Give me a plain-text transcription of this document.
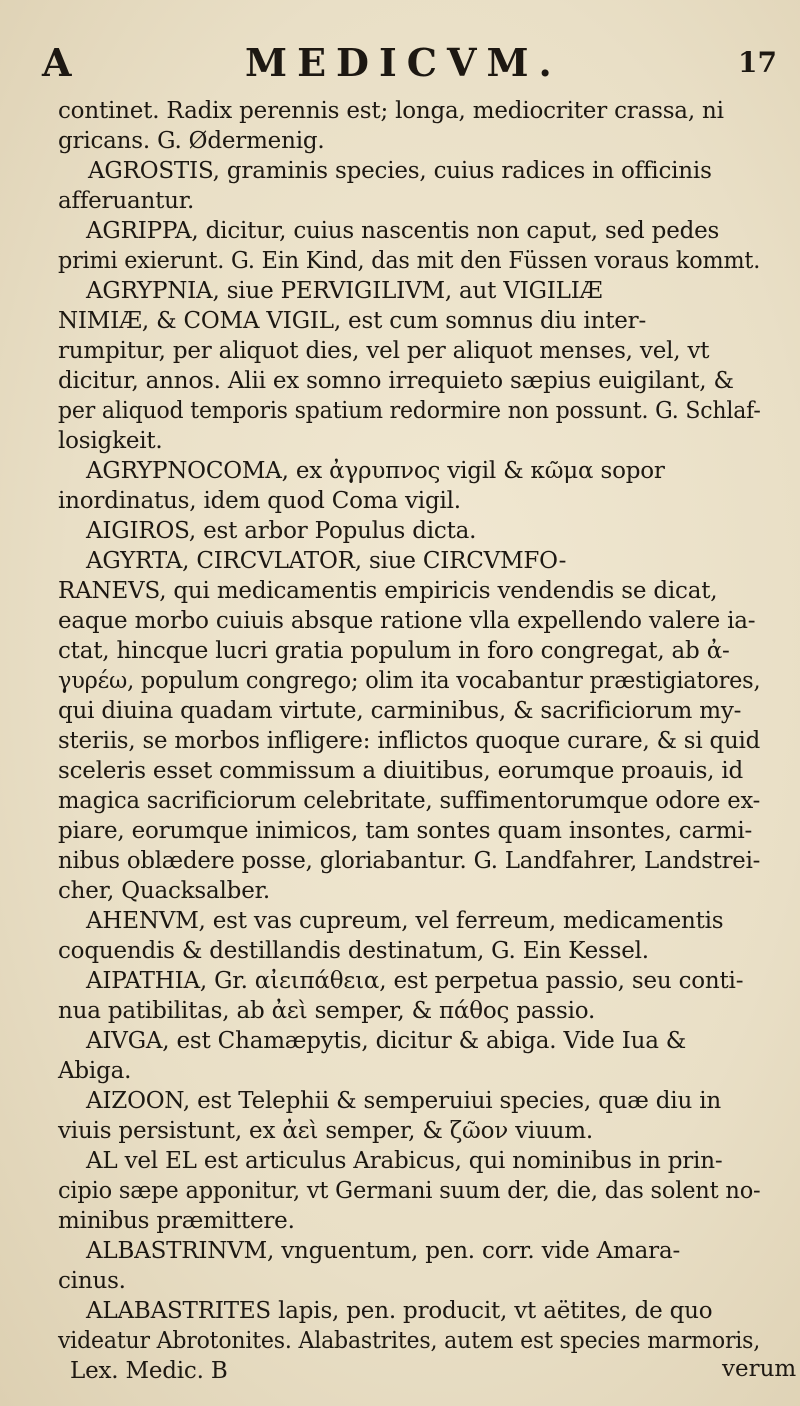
A	MEDICVM.	17
continet. Radix perennis est; longa, mediocriter crassa, ni
gricans. G. Ødermenig.
AGROSTIS, graminis species, cuius radices in officinis
afferuantur.
AGRIPPA, dicitur, cuius nascentis non caput, sed pedes
primi exierunt. G. Ein Kind, das mit den Füssen voraus kommt.
AGRYPNIA, siue PERVIGILIVM, aut VIGILIÆ
NIMIÆ, & COMA VIGIL, est cum somnus diu inter-
rumpitur, per aliquot dies, vel per aliquot menses, vel, vt
dicitur, annos. Alii ex somno irrequieto sæpius euigilant, &
per aliquod temporis spatium redormire non possunt. G. Schlaf-
losigkeit.
AGRYPNOCOMA, ex ἀγρυπνος vigil & κῶμα sopor
inordinatus, idem quod Coma vigil.
AIGIROS, est arbor Populus dicta.
AGYRTA, CIRCVLATOR, siue CIRCVMFO-
RANEVS, qui medicamentis empiricis vendendis se dicat,
eaque morbo cuiuis absque ratione vlla expellendo valere ia-
ctat, hincque lucri gratia populum in foro congregat, ab ἀ-
γυρέω, populum congrego; olim ita vocabantur præstigiatores,
qui diuina quadam virtute, carminibus, & sacrificiorum my-
steriis, se morbos infligere: inflictos quoque curare, & si quid
sceleris esset commissum a diuitibus, eorumque proauis, id
magica sacrificiorum celebritate, suffimentorumque odore ex-
piare, eorumque inimicos, tam sontes quam insontes, carmi-
nibus oblædere posse, gloriabantur. G. Landfahrer, Landstrei-
cher, Quacksalber.
AHENVM, est vas cupreum, vel ferreum, medicamentis
coquendis & destillandis destinatum, G. Ein Kessel.
AIPATHIA, Gr. αἰειπάθεια, est perpetua passio, seu conti-
nua patibilitas, ab ἀεὶ semper, & πάθος passio.
AIVGA, est Chamæpytis, dicitur & abiga. Vide Iua &
Abiga.
AIZOON, est Telephii & semperuiui species, quæ diu in
viuis persistunt, ex ἀεὶ semper, & ζῶον viuum.
AL vel EL est articulus Arabicus, qui nominibus in prin-
cipio sæpe apponitur, vt Germani suum der, die, das solent no-
minibus præmittere.
ALBASTRINVM, vnguentum, pen. corr. vide Amara-
cinus.
ALABASTRITES lapis, pen. producit, vt aëtites, de quo
videatur Abrotonites. Alabastrites, autem est species marmoris,
Lex. Medic. B	verum
